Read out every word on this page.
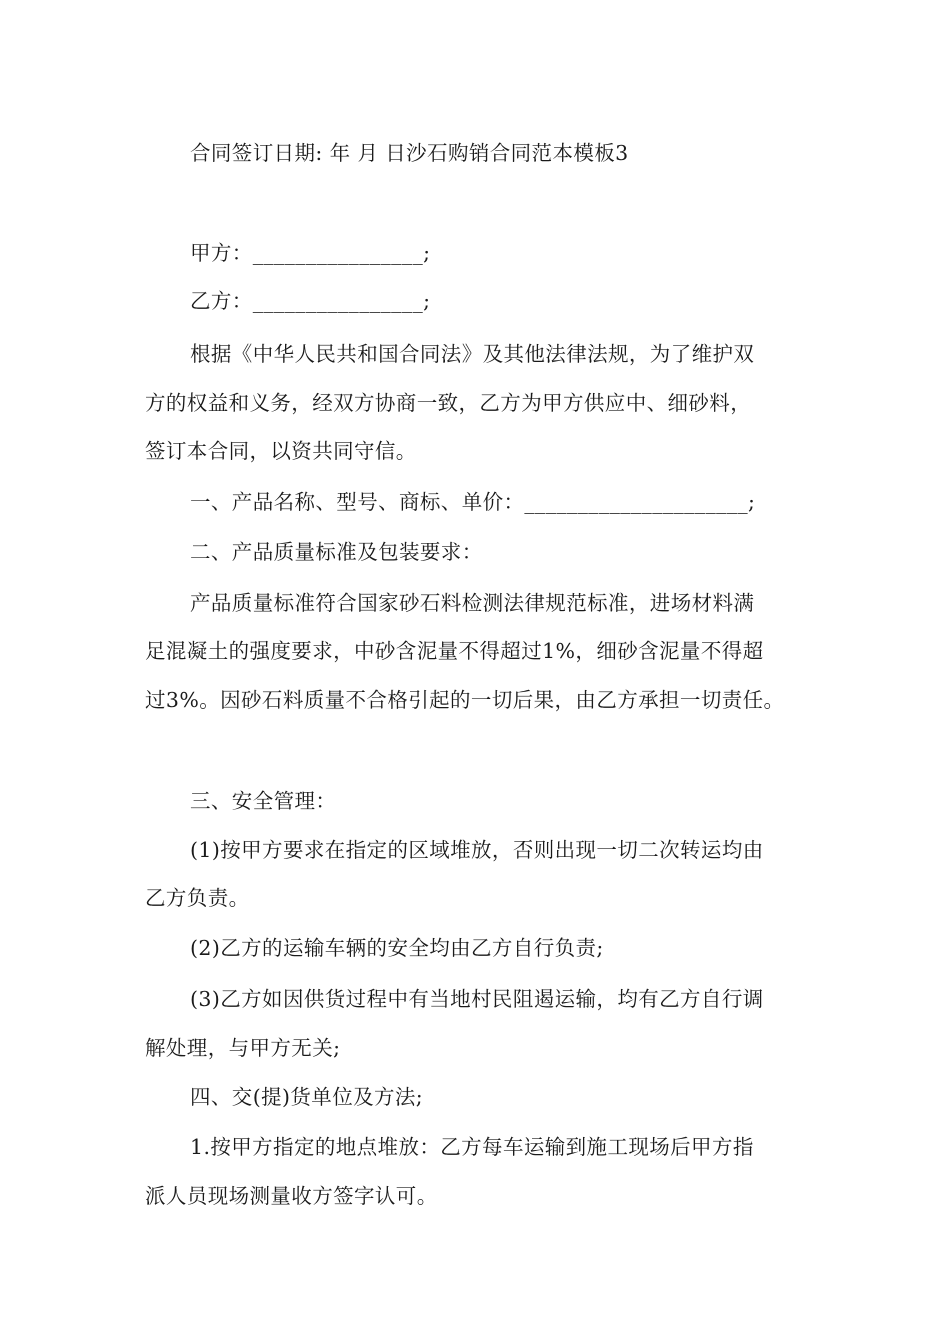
合同签订日期: 年 月 日沙石购销合同范本模板3
甲方：________________;
乙方：________________;
根据《中华人民共和国合同法》及其他法律法规，为了维护双
方的权益和义务，经双方协商一致，乙方为甲方供应中、细砂料，
签订本合同，以资共同守信。
一、产品名称、型号、商标、单价：_____________________;
二、产品质量标准及包装要求：
产品质量标准符合国家砂石料检测法律规范标准，进场材料满
足混凝土的强度要求，中砂含泥量不得超过1%，细砂含泥量不得超
过3%。因砂石料质量不合格引起的一切后果，由乙方承担一切责任。
三、安全管理：
(1)按甲方要求在指定的区域堆放，否则出现一切二次转运均由
乙方负责。
(2)乙方的运输车辆的安全均由乙方自行负责;
(3)乙方如因供货过程中有当地村民阻遏运输，均有乙方自行调
解处理，与甲方无关;
四、交(提)货单位及方法;
1.按甲方指定的地点堆放：乙方每车运输到施工现场后甲方指
派人员现场测量收方签字认可。
